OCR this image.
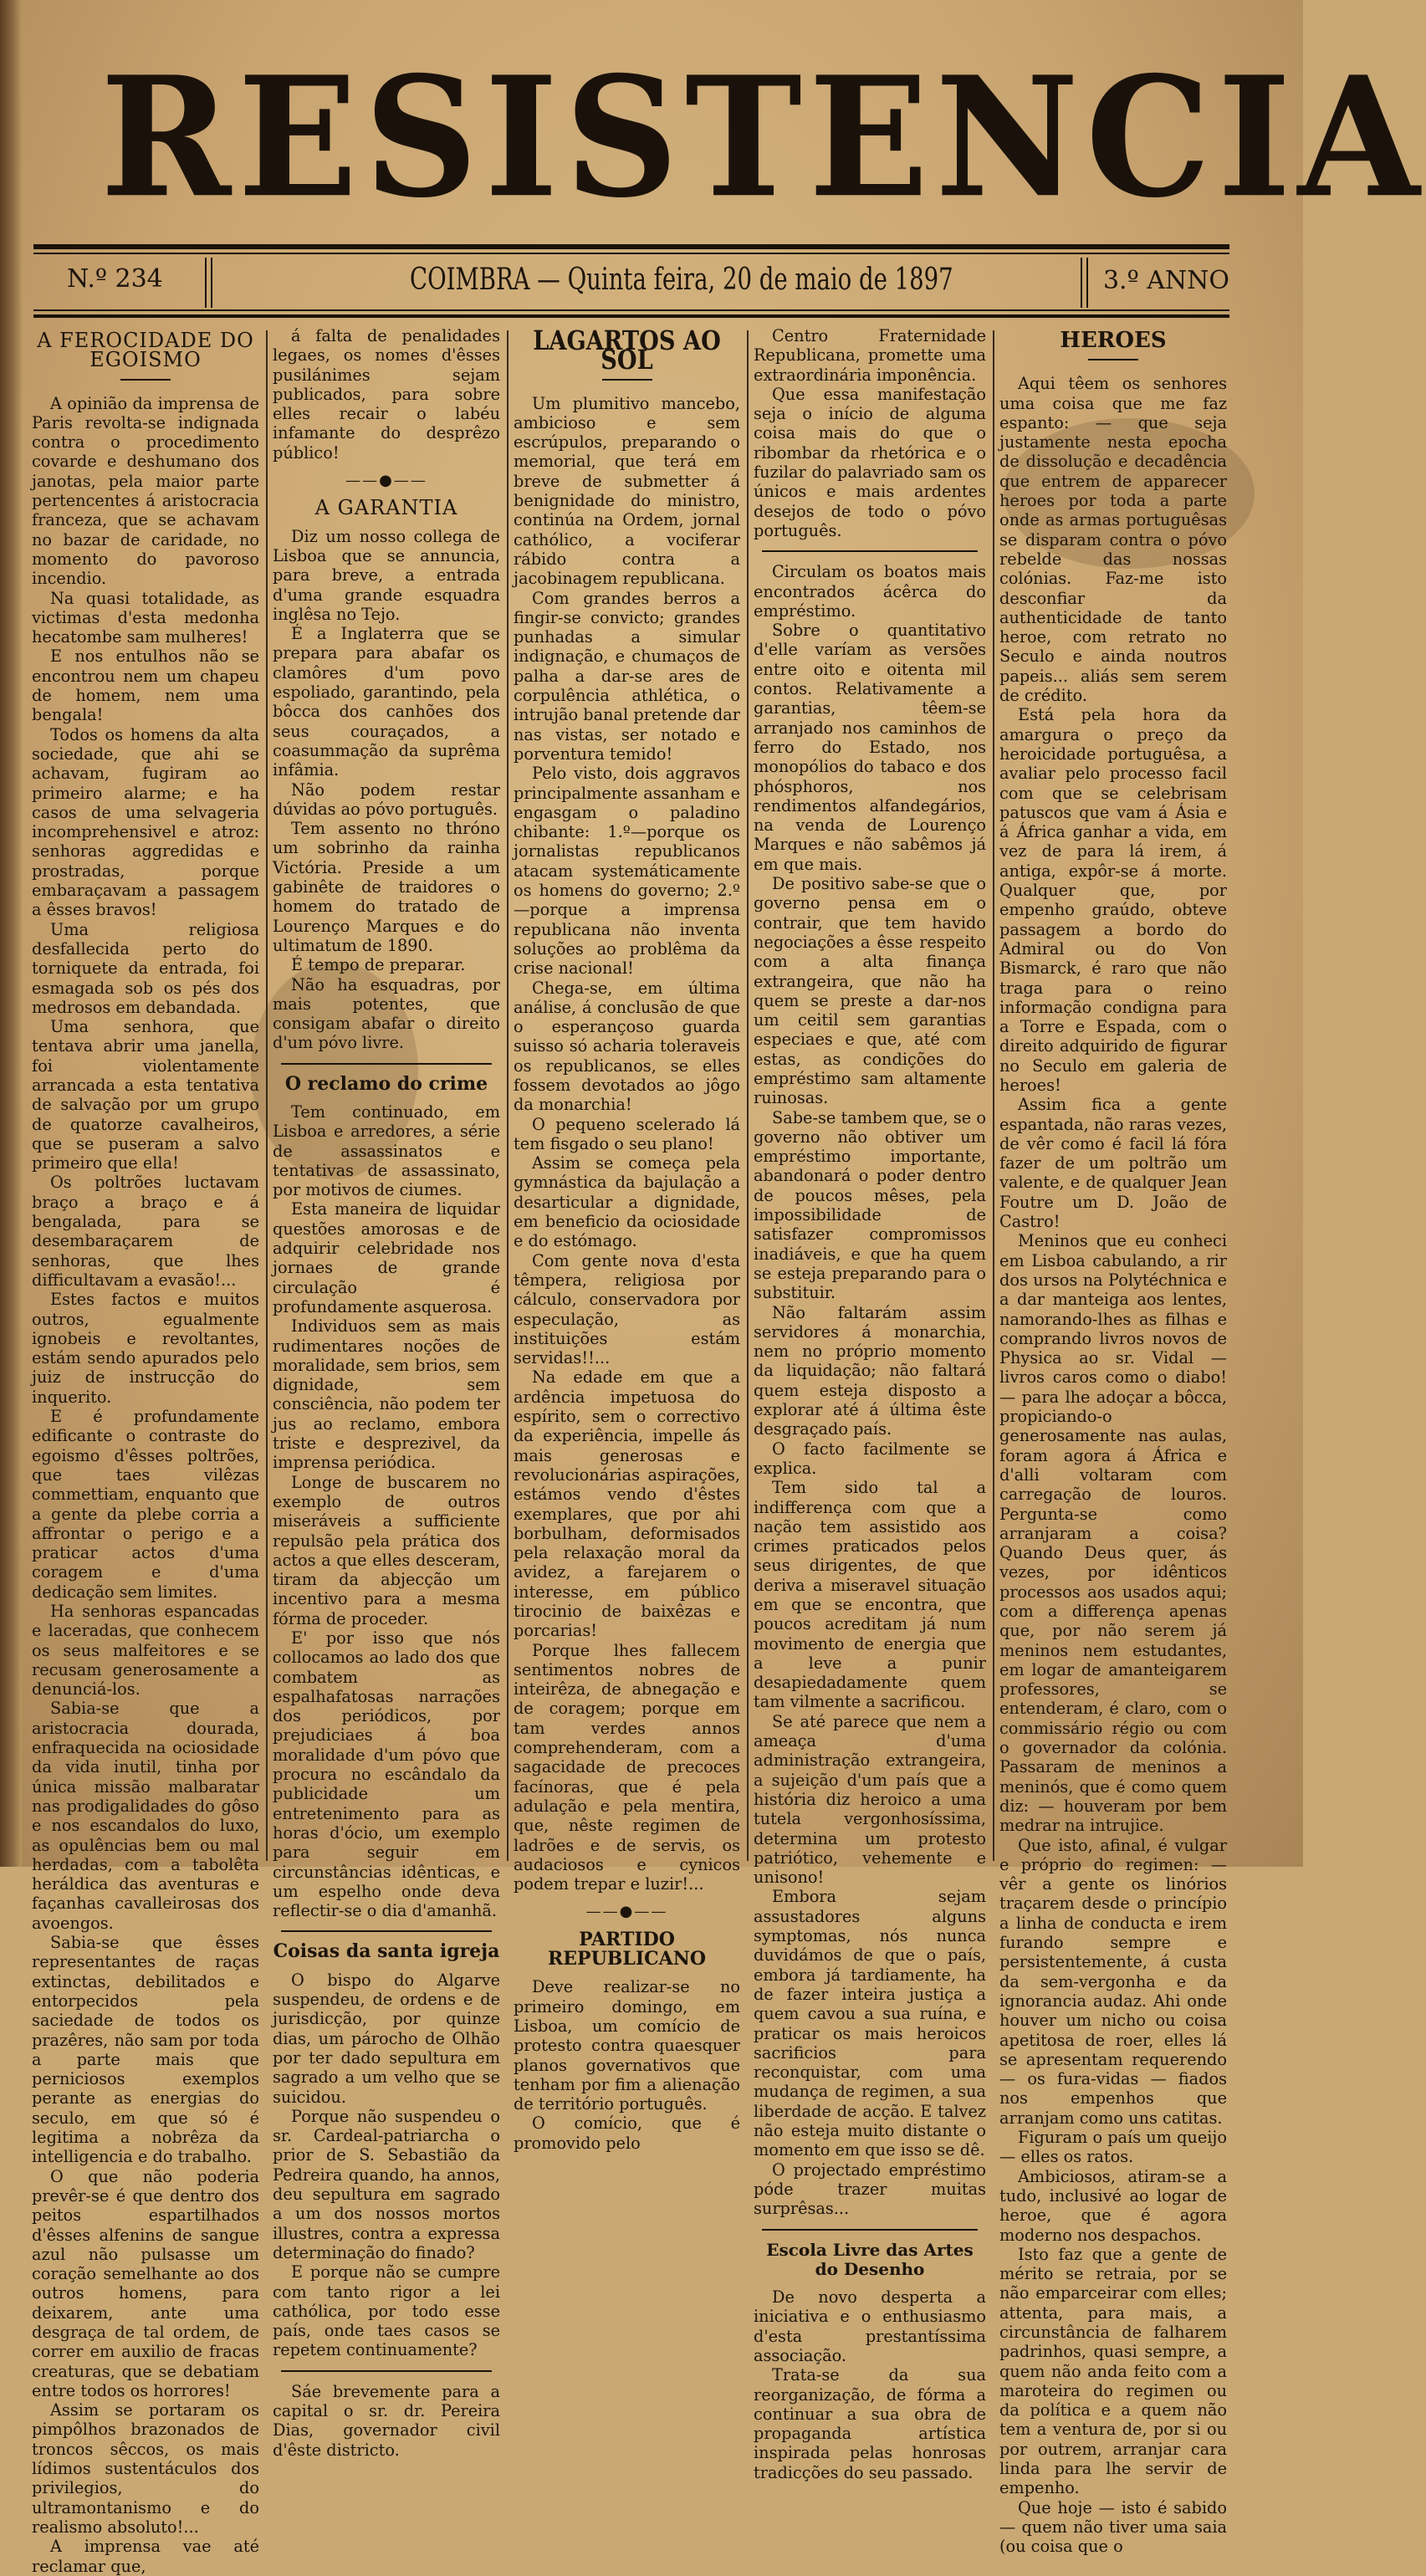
RESISTENCIA
N.º 234	COIMBRA — Quinta feira, 20 de maio de 1897	3.º ANNO
A FEROCIDADE DO EGOISMO

A opinião da imprensa de Paris revolta-se indignada contra o procedimento covarde e deshumano dos janotas, pela maior parte pertencentes á aristocracia franceza, que se achavam no bazar de caridade, no momento do pavoroso incendio.

Na quasi totalidade, as victimas d'esta medonha hecatombe sam mulheres!

E nos entulhos não se encontrou nem um chapeu de homem, nem uma bengala!

Todos os homens da alta sociedade, que ahi se achavam, fugiram ao primeiro alarme; e ha casos de uma selvageria incomprehensivel e atroz: senhoras aggredidas e prostradas, porque embaraçavam a passagem a êsses bravos!

Uma religiosa desfallecida perto do torniquete da entrada, foi esmagada sob os pés dos medrosos em debandada.

Uma senhora, que tentava abrir uma janella, foi violentamente arrancada a esta tentativa de salvação por um grupo de quatorze cavalheiros, que se puseram a salvo primeiro que ella!

Os poltrões luctavam braço a braço e á bengalada, para se desembaraçarem de senhoras, que lhes difficultavam a evasão!...

Estes factos e muitos outros, egualmente ignobeis e revoltantes, estám sendo apurados pelo juiz de instrucção do inquerito.

E é profundamente edificante o contraste do egoismo d'êsses poltrões, que taes vilêzas commettiam, enquanto que a gente da plebe corria a affrontar o perigo e a praticar actos d'uma coragem e d'uma dedicação sem limites.

Ha senhoras espancadas e laceradas, que conhecem os seus malfeitores e se recusam generosamente a denunciá-los.

Sabia-se que a aristocracia dourada, enfraquecida na ociosidade da vida inutil, tinha por única missão malbaratar nas prodigalidades do gôso e nos escandalos do luxo, as opulências bem ou mal herdadas, com a tabolêta heráldica das aventuras e façanhas cavalleirosas dos avoengos.

Sabia-se que êsses representantes de raças extinctas, debilitados e entorpecidos pela saciedade de todos os prazêres, não sam por toda a parte mais que perniciosos exemplos perante as energias do seculo, em que só é legitima a nobrêza da intelligencia e do trabalho.

O que não poderia prevêr-se é que dentro dos peitos espartilhados d'êsses alfenins de sangue azul não pulsasse um coração semelhante ao dos outros homens, para deixarem, ante uma desgraça de tal ordem, de correr em auxilio de fracas creaturas, que se debatiam entre todos os horrores!

Assim se portaram os pimpôlhos brazonados de troncos sêccos, os mais lídimos sustentáculos dos privilegios, do ultramontanismo e do realismo absoluto!...

A imprensa vae até reclamar que,

á falta de penalidades legaes, os nomes d'êsses pusilánimes sejam publicados, para sobre elles recair o labéu infamante do desprêzo público!

——●——
A GARANTIA

Diz um nosso collega de Lisboa que se annuncia, para breve, a entrada d'uma grande esquadra inglêsa no Tejo.

É a Inglaterra que se prepara para abafar os clamôres d'um povo espoliado, garantindo, pela bôcca dos canhões dos seus couraçados, a coasummação da suprêma infâmia.

Não podem restar dúvidas ao póvo português.

Tem assento no thróno um sobrinho da rainha Victória. Preside a um gabinête de traidores o homem do tratado de Lourenço Marques e do ultimatum de 1890.

É tempo de preparar.

Não ha esquadras, por mais potentes, que consigam abafar o direito d'um póvo livre.

O reclamo do crime

Tem continuado, em Lisboa e arredores, a série de assassinatos e tentativas de assassinato, por motivos de ciumes.

Esta maneira de liquidar questões amorosas e de adquirir celebridade nos jornaes de grande circulação é profundamente asquerosa.

Individuos sem as mais rudimentares noções de moralidade, sem brios, sem dignidade, sem consciência, não podem ter jus ao reclamo, embora triste e desprezivel, da imprensa periódica.

Longe de buscarem no exemplo de outros miseráveis a sufficiente repulsão pela prática dos actos a que elles desceram, tiram da abjecção um incentivo para a mesma fórma de proceder.

E' por isso que nós collocamos ao lado dos que combatem as espalhafatosas narrações dos periódicos, por prejudiciaes á boa moralidade d'um póvo que procura no escândalo da publicidade um entretenimento para as horas d'ócio, um exemplo para seguir em circunstâncias idênticas, e um espelho onde deva reflectir-se o dia d'amanhã.

Coisas da santa igreja

O bispo do Algarve suspendeu, de ordens e de jurisdicção, por quinze dias, um párocho de Olhão por ter dado sepultura em sagrado a um velho que se suicidou.

Porque não suspendeu o sr. Cardeal-patriarcha o prior de S. Sebastião da Pedreira quando, ha annos, deu sepultura em sagrado a um dos nossos mortos illustres, contra a expressa determinação do finado?

E porque não se cumpre com tanto rigor a lei cathólica, por todo esse país, onde taes casos se repetem continuamente?

Sáe brevemente para a capital o sr. dr. Pereira Dias, governador civil d'êste districto.

LAGARTOS AO SOL

Um plumitivo mancebo, ambicioso e sem escrúpulos, preparando o memorial, que terá em breve de submetter á benignidade do ministro, continúa na Ordem, jornal cathólico, a vociferar rábido contra a jacobinagem republicana.

Com grandes berros a fingir-se convicto; grandes punhadas a simular indignação, e chumaços de palha a dar-se ares de corpulência athlética, o intrujão banal pretende dar nas vistas, ser notado e porventura temido!

Pelo visto, dois aggravos principalmente assanham e engasgam o paladino chibante: 1.º—porque os jornalistas republicanos atacam systemáticamente os homens do governo; 2.º—porque a imprensa republicana não inventa soluções ao problêma da crise nacional!

Chega-se, em última análise, á conclusão de que o esperançoso guarda suisso só acharia toleraveis os republicanos, se elles fossem devotados ao jôgo da monarchia!

O pequeno scelerado lá tem fisgado o seu plano!

Assim se começa pela gymnástica da bajulação a desarticular a dignidade, em beneficio da ociosidade e do estómago.

Com gente nova d'esta têmpera, religiosa por cálculo, conservadora por especulação, as instituições estám servidas!!...

Na edade em que a ardência impetuosa do espírito, sem o correctivo da experiência, impelle ás mais generosas e revolucionárias aspirações, estámos vendo d'êstes exemplares, que por ahi borbulham, deformisados pela relaxação moral da avidez, a farejarem o interesse, em público tirocinio de baixêzas e porcarias!

Porque lhes fallecem sentimentos nobres de inteirêza, de abnegação e de coragem; porque em tam verdes annos comprehenderam, com a sagacidade de precoces facínoras, que é pela adulação e pela mentira, que, nêste regimen de ladrões e de servis, os audaciosos e cynicos podem trepar e luzir!...

——●——
PARTIDO REPUBLICANO

Deve realizar-se no primeiro domingo, em Lisboa, um comício de protesto contra quaesquer planos governativos que tenham por fim a alienação de território português.

O comício, que é promovido pelo

Centro Fraternidade Republicana, promette uma extraordinária imponência.

Que essa manifestação seja o início de alguma coisa mais do que o ribombar da rhetórica e o fuzilar do palavriado sam os únicos e mais ardentes desejos de todo o póvo português.

Circulam os boatos mais encontrados ácêrca do empréstimo.

Sobre o quantitativo d'elle varíam as versões entre oito e oitenta mil contos. Relativamente a garantias, têem-se arranjado nos caminhos de ferro do Estado, nos monopólios do tabaco e dos phósphoros, nos rendimentos alfandegários, na venda de Lourenço Marques e não sabêmos já em que mais.

De positivo sabe-se que o governo pensa em o contrair, que tem havido negociações a êsse respeito com a alta finança extrangeira, que não ha quem se preste a dar-nos um ceitil sem garantias especiaes e que, até com estas, as condições do empréstimo sam altamente ruinosas.

Sabe-se tambem que, se o governo não obtiver um empréstimo importante, abandonará o poder dentro de poucos mêses, pela impossibilidade de satisfazer compromissos inadiáveis, e que ha quem se esteja preparando para o substituir.

Não faltarám assim servidores á monarchia, nem no próprio momento da liquidação; não faltará quem esteja disposto a explorar até á última êste desgraçado país.

O facto facilmente se explica.

Tem sido tal a indifferença com que a nação tem assistido aos crimes praticados pelos seus dirigentes, de que deriva a miseravel situação em que se encontra, que poucos acreditam já num movimento de energia que a leve a punir desapiedadamente quem tam vilmente a sacrificou.

Se até parece que nem a ameaça d'uma administração extrangeira, a sujeição d'um país que a história diz heroico a uma tutela vergonhosíssima, determina um protesto patriótico, vehemente e unisono!

Embora sejam assustadores alguns symptomas, nós nunca duvidámos de que o país, embora já tardiamente, ha de fazer inteira justiça a quem cavou a sua ruína, e praticar os mais heroicos sacrificios para reconquistar, com uma mudança de regimen, a sua liberdade de acção. E talvez não esteja muito distante o momento em que isso se dê.

O projectado empréstimo póde trazer muitas surprêsas...

Escola Livre das Artes do Desenho

De novo desperta a iniciativa e o enthusiasmo d'esta prestantíssima associação.

Trata-se da sua reorganização, de fórma a continuar a sua obra de propaganda artística inspirada pelas honrosas tradicções do seu passado.

HEROES

Aqui têem os senhores uma coisa que me faz espanto: — que seja justamente nesta epocha de dissolução e decadência que entrem de apparecer heroes por toda a parte onde as armas portuguêsas se disparam contra o póvo rebelde das nossas colónias. Faz-me isto desconfiar da authenticidade de tanto heroe, com retrato no Seculo e ainda noutros papeis... aliás sem serem de crédito.

Está pela hora da amargura o preço da heroicidade portuguêsa, a avaliar pelo processo facil com que se celebrisam patuscos que vam á Ásia e á África ganhar a vida, em vez de para lá irem, á antiga, expôr-se á morte. Qualquer que, por empenho graúdo, obteve passagem a bordo do Admiral ou do Von Bismarck, é raro que não traga para o reino informação condigna para a Torre e Espada, com o direito adquirido de figurar no Seculo em galeria de heroes!

Assim fica a gente espantada, não raras vezes, de vêr como é facil lá fóra fazer de um poltrão um valente, e de qualquer Jean Foutre um D. João de Castro!

Meninos que eu conheci em Lisboa cabulando, a rir dos ursos na Polytéchnica e a dar manteiga aos lentes, namorando-lhes as filhas e comprando livros novos de Physica ao sr. Vidal — livros caros como o diabo! — para lhe adoçar a bôcca, propiciando-o generosamente nas aulas, foram agora á África e d'alli voltaram com carregação de louros. Pergunta-se como arranjaram a coisa? Quando Deus quer, ás vezes, por idênticos processos aos usados aqui; com a differença apenas que, por não serem já meninos nem estudantes, em logar de amanteigarem professores, se entenderam, é claro, com o commissário régio ou com o governador da colónia. Passaram de meninos a meninós, que é como quem diz: — houveram por bem medrar na intrujice.

Que isto, afinal, é vulgar e próprio do regimen: — vêr a gente os linórios traçarem desde o princípio a linha de conducta e irem furando sempre e persistentemente, á custa da sem-vergonha e da ignorancia audaz. Ahi onde houver um nicho ou coisa apetitosa de roer, elles lá se apresentam requerendo — os fura-vidas — fiados nos empenhos que arranjam como uns catitas.

Figuram o país um queijo — elles os ratos.

Ambiciosos, atiram-se a tudo, inclusivé ao logar de heroe, que é agora moderno nos despachos.

Isto faz que a gente de mérito se retraia, por se não emparceirar com elles; attenta, para mais, a circunstância de falharem padrinhos, quasi sempre, a quem não anda feito com a maroteira do regimen ou da política e a quem não tem a ventura de, por si ou por outrem, arranjar cara linda para lhe servir de empenho.

Que hoje — isto é sabido — quem não tiver uma saia (ou coisa que o
